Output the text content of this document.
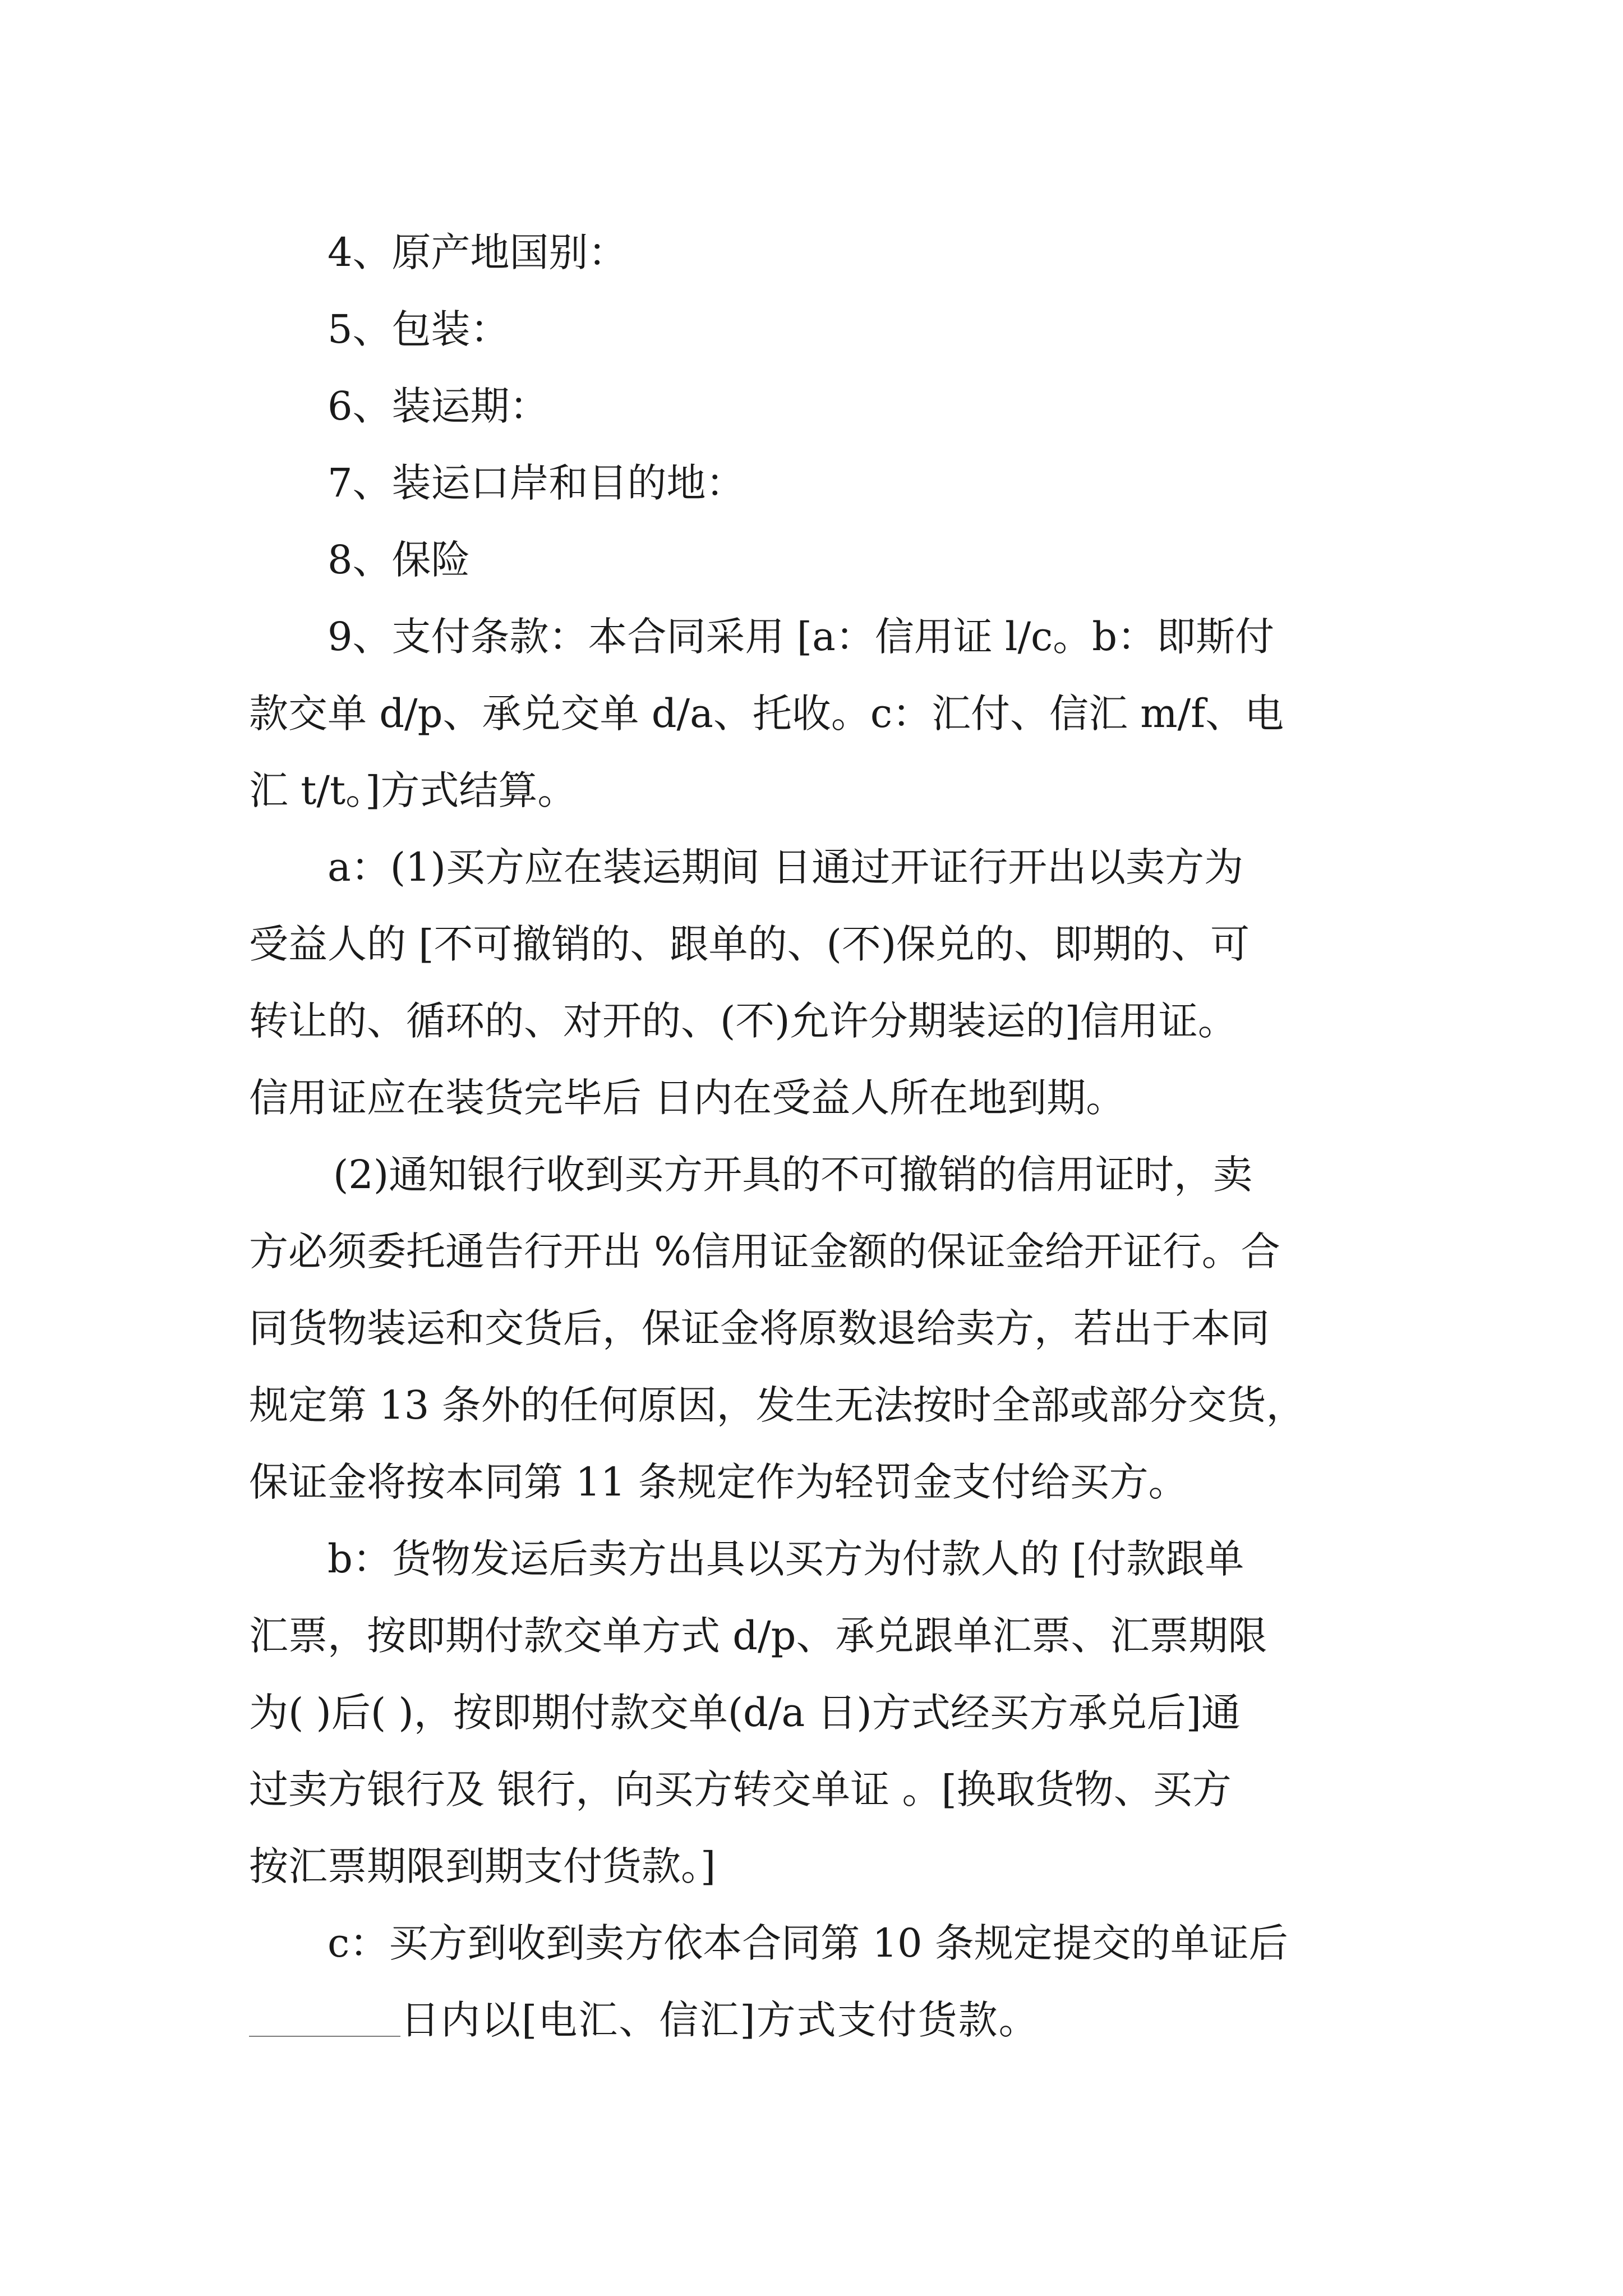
4、原产地国别：
5、包装：
6、装运期：
7、装运口岸和目的地：
8、保险
9、支付条款：本合同采用 [a：信用证 l/c。b：即斯付
款交单 d/p、承兑交单 d/a、托收。c：汇付、信汇 m/f、电
汇 t/t。]方式结算。
a：(1)买方应在装运期间 日通过开证行开出以卖方为
受益人的 [不可撤销的、跟单的、(不)保兑的、即期的、可
转让的、循环的、对开的、(不)允许分期装运的]信用证。
信用证应在装货完毕后 日内在受益人所在地到期。
(2)通知银行收到买方开具的不可撤销的信用证时，卖
方必须委托通告行开出 %信用证金额的保证金给开证行。合
同货物装运和交货后，保证金将原数退给卖方，若出于本同
规定第 13 条外的任何原因，发生无法按时全部或部分交货，
保证金将按本同第 11 条规定作为轻罚金支付给买方。
b：货物发运后卖方出具以买方为付款人的 [付款跟单
汇票，按即期付款交单方式 d/p、承兑跟单汇票、汇票期限
为( )后( )，按即期付款交单(d/a 日)方式经买方承兑后]通
过卖方银行及 银行，向买方转交单证 。[换取货物、买方
按汇票期限到期支付货款。]
c：买方到收到卖方依本合同第 10 条规定提交的单证后
日内以[电汇、信汇]方式支付货款。
